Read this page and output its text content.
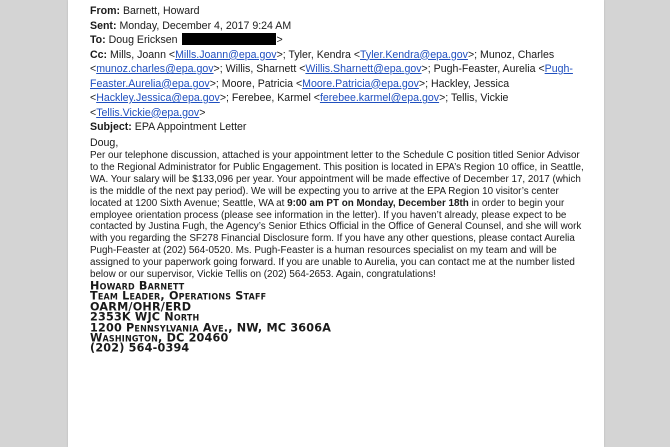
From: Barnett, Howard

Sent: Monday, December 4, 2017 9:24 AM

To: Doug Ericksen	>

Cc: Mills, Joann <Mills.Joann@epa.gov>; Tyler, Kendra <Tyler.Kendra@epa.gov>; Munoz, Charles <munoz.charles@epa.gov>; Willis, Sharnett <Willis.Sharnett@epa.gov>; Pugh-Feaster, Aurelia <Pugh-Feaster.Aurelia@epa.gov>; Moore, Patricia <Moore.Patricia@epa.gov>; Hackley, Jessica <Hackley.Jessica@epa.gov>; Ferebee, Karmel <ferebee.karmel@epa.gov>; Tellis, Vickie <Tellis.Vickie@epa.gov>

Subject: EPA Appointment Letter

Doug,

Per our telephone discussion, attached is your appointment letter to the Schedule C position titled Senior Advisor to the Regional Administrator for Public Engagement. This position is located in EPA’s Region 10 office, in Seattle, WA. Your salary will be $133,096 per year. Your appointment will be made effective of December 17, 2017 (which is the middle of the next pay period). We will be expecting you to arrive at the EPA Region 10 visitor’s center located at 1200 Sixth Avenue; Seattle, WA at 9:00 am PT on Monday, December 18th in order to begin your employee orientation process (please see information in the letter). If you haven’t already, please expect to be contacted by Justina Fugh, the Agency’s Senior Ethics Official in the Office of General Counsel, and she will work with you regarding the SF278 Financial Disclosure form. If you have any other questions, please contact Aurelia Pugh-Feaster at (202) 564-0520. Ms. Pugh-Feaster is a human resources specialist on my team and will be assigned to your paperwork going forward. If you are unable to Aurelia, you can contact me at the number listed below or our supervisor, Vickie Tellis on (202) 564-2653. Again, congratulations!

Howard Barnett
Team Leader, Operations Staff
OARM/OHR/ERD
2353K WJC North
1200 Pennsylvania Ave., NW, MC 3606A
Washington, DC 20460
(202) 564-0394
